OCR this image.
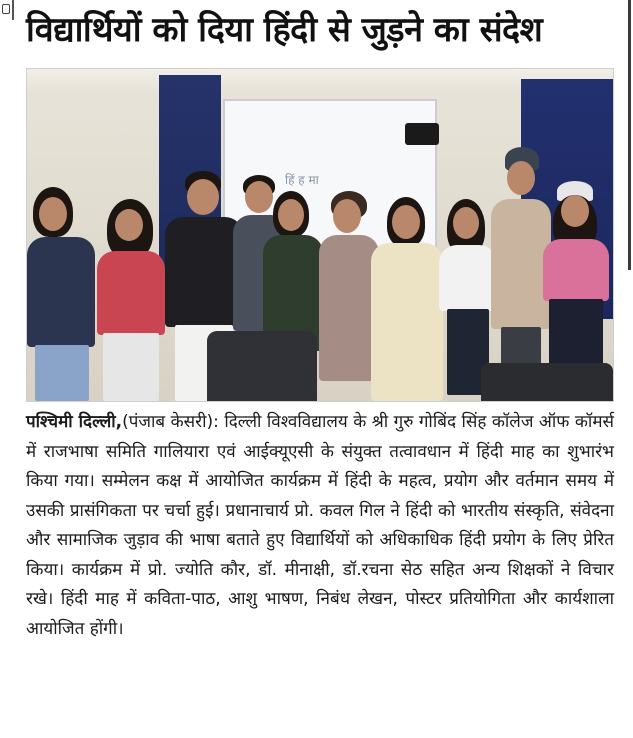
विद्यार्थियों को दिया हिंदी से जुड़ने का संदेश
हिं ‍ह मा

पश्चिमी दिल्ली,(पंजाब केसरी): दिल्ली विश्वविद्यालय के श्री गुरु गोबिंद सिंह कॉलेज ऑफ कॉमर्स में राजभाषा समिति गालियारा एवं आईक्यूएसी के संयुक्त तत्वावधान में हिंदी माह का शुभारंभ किया गया। सम्मेलन कक्ष में आयोजित कार्यक्रम में हिंदी के महत्व, प्रयोग और वर्तमान समय में उसकी प्रासंगिकता पर चर्चा हुई। प्रधानाचार्य प्रो. कवल गिल ने हिंदी को भारतीय संस्कृति, संवेदना और सामाजिक जुड़ाव की भाषा बताते हुए विद्यार्थियों को अधिकाधिक हिंदी प्रयोग के लिए प्रेरित किया। कार्यक्रम में प्रो. ज्योति कौर, डॉ. मीनाक्षी, डॉ.रचना सेठ सहित अन्य शिक्षकों ने विचार रखे। हिंदी माह में कविता-पाठ, आशु भाषण, निबंध लेखन, पोस्टर प्रतियोगिता और कार्यशाला आयोजित होंगी।
